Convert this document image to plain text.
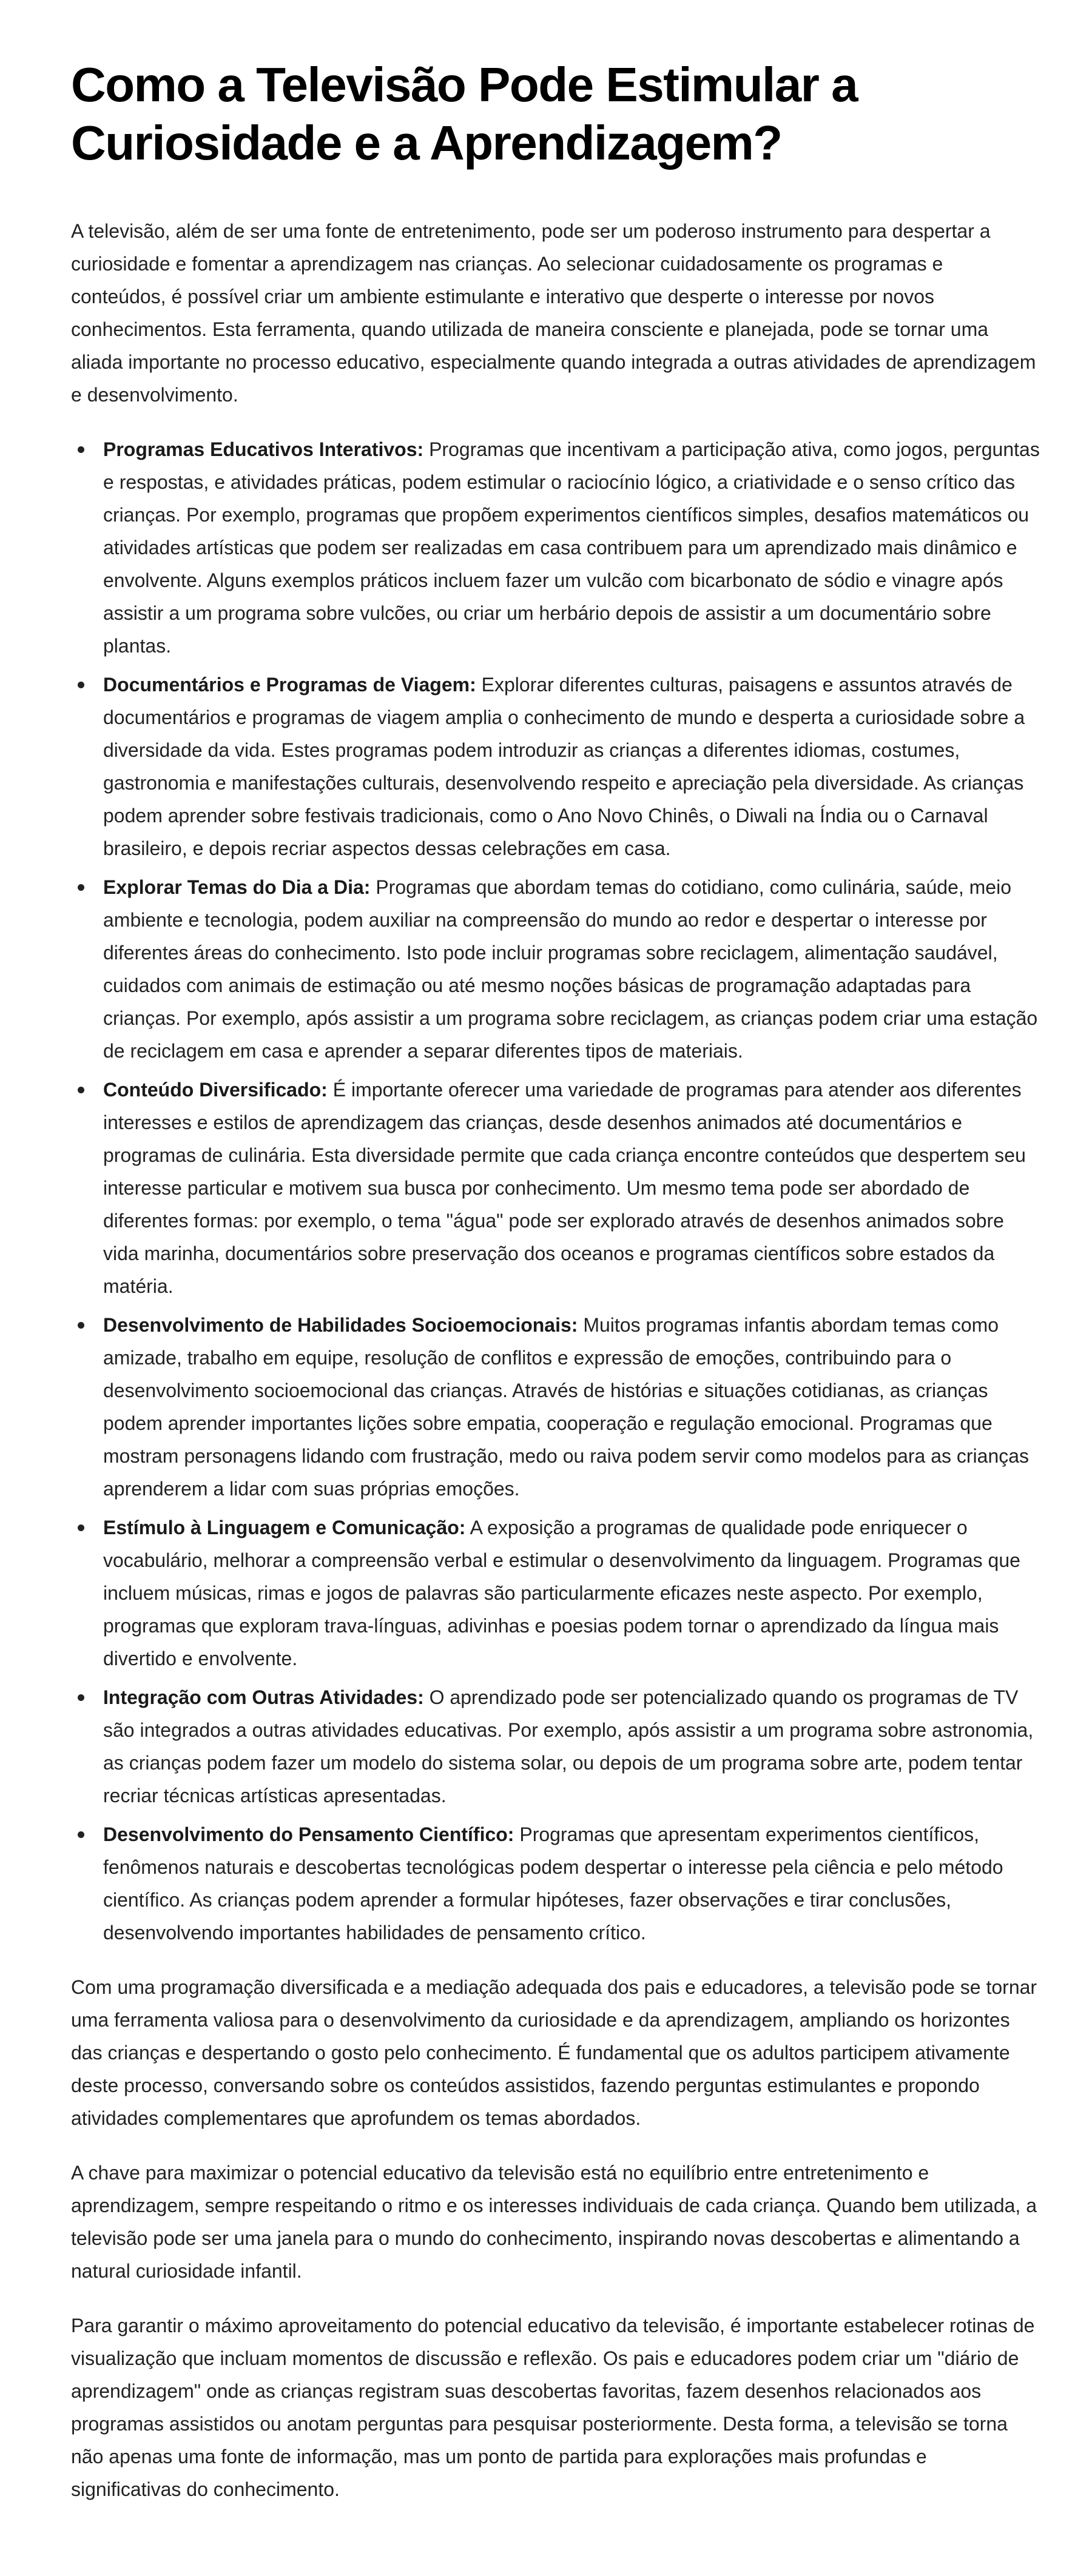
Como a Televisão Pode Estimular a Curiosidade e a Aprendizagem?

A televisão, além de ser uma fonte de entretenimento, pode ser um poderoso instrumento para despertar a curiosidade e fomentar a aprendizagem nas crianças. Ao selecionar cuidadosamente os programas e conteúdos, é possível criar um ambiente estimulante e interativo que desperte o interesse por novos conhecimentos. Esta ferramenta, quando utilizada de maneira consciente e planejada, pode se tornar uma aliada importante no processo educativo, especialmente quando integrada a outras atividades de aprendizagem e desenvolvimento.

Programas Educativos Interativos: Programas que incentivam a participação ativa, como jogos, perguntas e respostas, e atividades práticas, podem estimular o raciocínio lógico, a criatividade e o senso crítico das crianças. Por exemplo, programas que propõem experimentos científicos simples, desafios matemáticos ou atividades artísticas que podem ser realizadas em casa contribuem para um aprendizado mais dinâmico e envolvente. Alguns exemplos práticos incluem fazer um vulcão com bicarbonato de sódio e vinagre após assistir a um programa sobre vulcões, ou criar um herbário depois de assistir a um documentário sobre plantas.
Documentários e Programas de Viagem: Explorar diferentes culturas, paisagens e assuntos através de documentários e programas de viagem amplia o conhecimento de mundo e desperta a curiosidade sobre a diversidade da vida. Estes programas podem introduzir as crianças a diferentes idiomas, costumes, gastronomia e manifestações culturais, desenvolvendo respeito e apreciação pela diversidade. As crianças podem aprender sobre festivais tradicionais, como o Ano Novo Chinês, o Diwali na Índia ou o Carnaval brasileiro, e depois recriar aspectos dessas celebrações em casa.
Explorar Temas do Dia a Dia: Programas que abordam temas do cotidiano, como culinária, saúde, meio ambiente e tecnologia, podem auxiliar na compreensão do mundo ao redor e despertar o interesse por diferentes áreas do conhecimento. Isto pode incluir programas sobre reciclagem, alimentação saudável, cuidados com animais de estimação ou até mesmo noções básicas de programação adaptadas para crianças. Por exemplo, após assistir a um programa sobre reciclagem, as crianças podem criar uma estação de reciclagem em casa e aprender a separar diferentes tipos de materiais.
Conteúdo Diversificado: É importante oferecer uma variedade de programas para atender aos diferentes interesses e estilos de aprendizagem das crianças, desde desenhos animados até documentários e programas de culinária. Esta diversidade permite que cada criança encontre conteúdos que despertem seu interesse particular e motivem sua busca por conhecimento. Um mesmo tema pode ser abordado de diferentes formas: por exemplo, o tema "água" pode ser explorado através de desenhos animados sobre vida marinha, documentários sobre preservação dos oceanos e programas científicos sobre estados da matéria.
Desenvolvimento de Habilidades Socioemocionais: Muitos programas infantis abordam temas como amizade, trabalho em equipe, resolução de conflitos e expressão de emoções, contribuindo para o desenvolvimento socioemocional das crianças. Através de histórias e situações cotidianas, as crianças podem aprender importantes lições sobre empatia, cooperação e regulação emocional. Programas que mostram personagens lidando com frustração, medo ou raiva podem servir como modelos para as crianças aprenderem a lidar com suas próprias emoções.
Estímulo à Linguagem e Comunicação: A exposição a programas de qualidade pode enriquecer o vocabulário, melhorar a compreensão verbal e estimular o desenvolvimento da linguagem. Programas que incluem músicas, rimas e jogos de palavras são particularmente eficazes neste aspecto. Por exemplo, programas que exploram trava-línguas, adivinhas e poesias podem tornar o aprendizado da língua mais divertido e envolvente.
Integração com Outras Atividades: O aprendizado pode ser potencializado quando os programas de TV são integrados a outras atividades educativas. Por exemplo, após assistir a um programa sobre astronomia, as crianças podem fazer um modelo do sistema solar, ou depois de um programa sobre arte, podem tentar recriar técnicas artísticas apresentadas.
Desenvolvimento do Pensamento Científico: Programas que apresentam experimentos científicos, fenômenos naturais e descobertas tecnológicas podem despertar o interesse pela ciência e pelo método científico. As crianças podem aprender a formular hipóteses, fazer observações e tirar conclusões, desenvolvendo importantes habilidades de pensamento crítico.

Com uma programação diversificada e a mediação adequada dos pais e educadores, a televisão pode se tornar uma ferramenta valiosa para o desenvolvimento da curiosidade e da aprendizagem, ampliando os horizontes das crianças e despertando o gosto pelo conhecimento. É fundamental que os adultos participem ativamente deste processo, conversando sobre os conteúdos assistidos, fazendo perguntas estimulantes e propondo atividades complementares que aprofundem os temas abordados.

A chave para maximizar o potencial educativo da televisão está no equilíbrio entre entretenimento e aprendizagem, sempre respeitando o ritmo e os interesses individuais de cada criança. Quando bem utilizada, a televisão pode ser uma janela para o mundo do conhecimento, inspirando novas descobertas e alimentando a natural curiosidade infantil.

Para garantir o máximo aproveitamento do potencial educativo da televisão, é importante estabelecer rotinas de visualização que incluam momentos de discussão e reflexão. Os pais e educadores podem criar um "diário de aprendizagem" onde as crianças registram suas descobertas favoritas, fazem desenhos relacionados aos programas assistidos ou anotam perguntas para pesquisar posteriormente. Desta forma, a televisão se torna não apenas uma fonte de informação, mas um ponto de partida para explorações mais profundas e significativas do conhecimento.
